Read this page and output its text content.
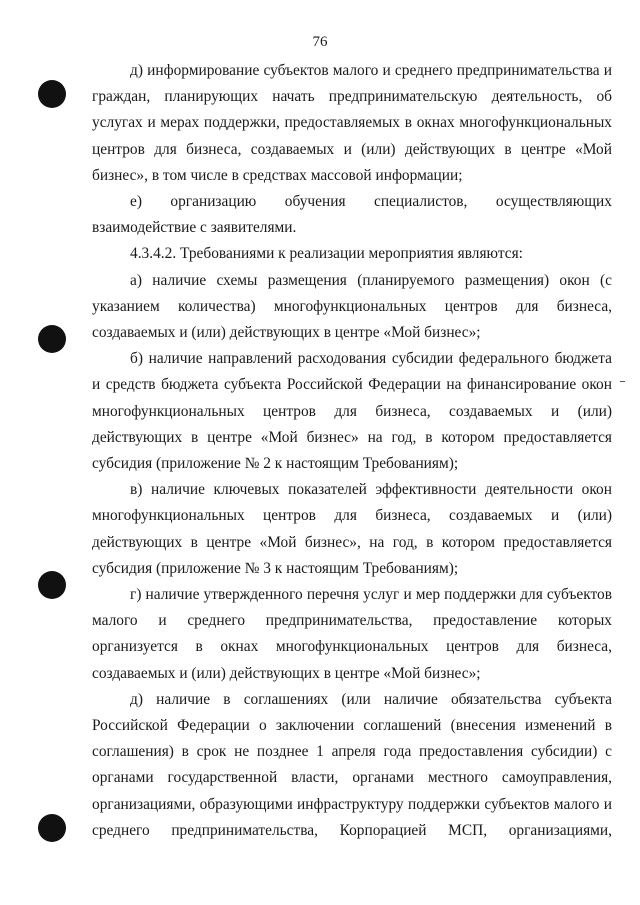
76

д) информирование субъектов малого и среднего предпринимательства и граждан, планирующих начать предпринимательскую деятельность, об услугах и мерах поддержки, предоставляемых в окнах многофункциональных центров для бизнеса, создаваемых и (или) действующих в центре «Мой бизнес», в том числе в средствах массовой информации;

е) организацию обучения специалистов, осуществляющих взаимодействие с заявителями.

4.3.4.2. Требованиями к реализации мероприятия являются:

а) наличие схемы размещения (планируемого размещения) окон (с указанием количества) многофункциональных центров для бизнеса, создаваемых и (или) действующих в центре «Мой бизнес»;

б) наличие направлений расходования субсидии федерального бюджета и средств бюджета субъекта Российской Федерации на финансирование окон многофункциональных центров для бизнеса, создаваемых и (или) действующих в центре «Мой бизнес» на год, в котором предоставляется субсидия (приложение № 2 к настоящим Требованиям);

в) наличие ключевых показателей эффективности деятельности окон многофункциональных центров для бизнеса, создаваемых и (или) действующих в центре «Мой бизнес», на год, в котором предоставляется субсидия (приложение № 3 к настоящим Требованиям);

г) наличие утвержденного перечня услуг и мер поддержки для субъектов малого и среднего предпринимательства, предоставление которых организуется в окнах многофункциональных центров для бизнеса, создаваемых и (или) действующих в центре «Мой бизнес»;

д) наличие в соглашениях (или наличие обязательства субъекта Российской Федерации о заключении соглашений (внесения изменений в соглашения) в срок не позднее 1 апреля года предоставления субсидии) с органами государственной власти, органами местного самоуправления, организациями, образующими инфраструктуру поддержки субъектов малого и среднего предпринимательства, Корпорацией МСП, организациями,
